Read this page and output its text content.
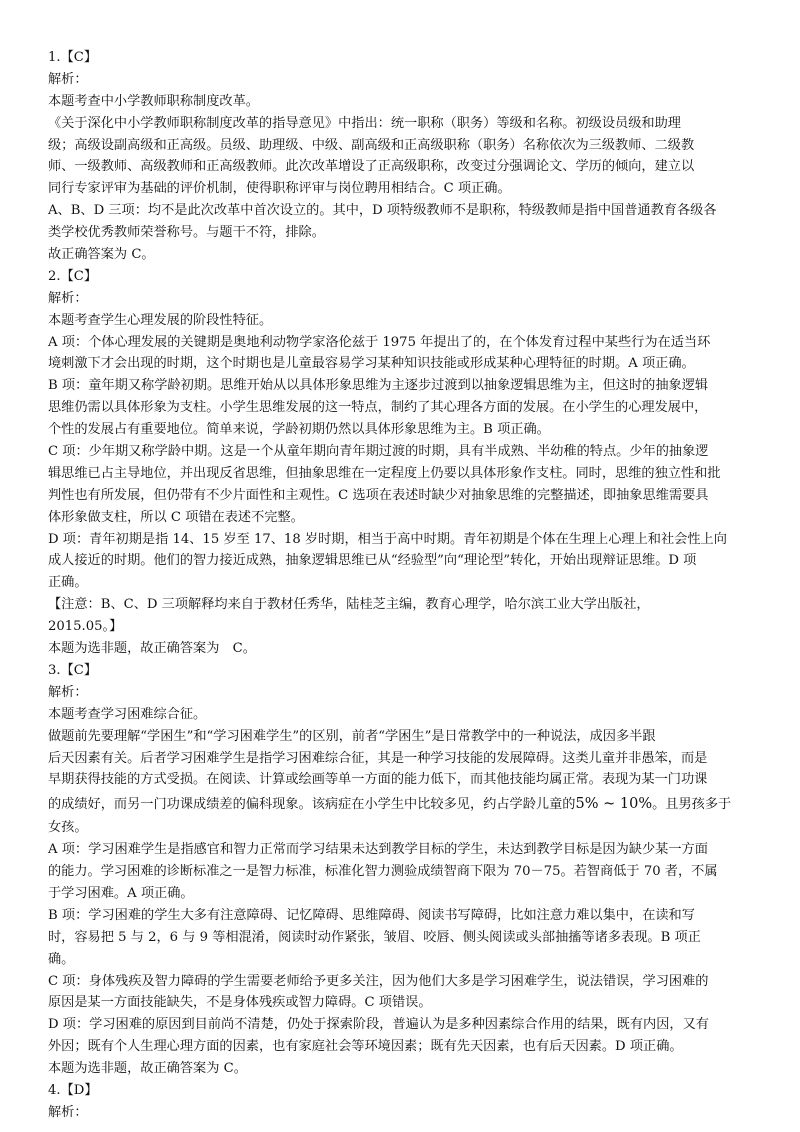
1.【C】
解析：
本题考查中小学教师职称制度改革。
《关于深化中小学教师职称制度改革的指导意见》中指出：统一职称（职务）等级和名称。初级设员级和助理
级；高级设副高级和正高级。员级、助理级、中级、副高级和正高级职称（职务）名称依次为三级教师、二级教
师、一级教师、高级教师和正高级教师。此次改革增设了正高级职称，改变过分强调论文、学历的倾向，建立以
同行专家评审为基础的评价机制，使得职称评审与岗位聘用相结合。C 项正确。
A、B、D 三项：均不是此次改革中首次设立的。其中，D 项特级教师不是职称，特级教师是指中国普通教育各级各
类学校优秀教师荣誉称号。与题干不符，排除。
故正确答案为 C。
2.【C】
解析：
本题考查学生心理发展的阶段性特征。
A 项：个体心理发展的关键期是奥地利动物学家洛伦兹于 1975 年提出了的，在个体发育过程中某些行为在适当环
境刺激下才会出现的时期，这个时期也是儿童最容易学习某种知识技能或形成某种心理特征的时期。A 项正确。
B 项：童年期又称学龄初期。思维开始从以具体形象思维为主逐步过渡到以抽象逻辑思维为主，但这时的抽象逻辑
思维仍需以具体形象为支柱。小学生思维发展的这一特点，制约了其心理各方面的发展。在小学生的心理发展中，
个性的发展占有重要地位。简单来说，学龄初期仍然以具体形象思维为主。B 项正确。
C 项：少年期又称学龄中期。这是一个从童年期向青年期过渡的时期，具有半成熟、半幼稚的特点。少年的抽象逻
辑思维已占主导地位，并出现反省思维，但抽象思维在一定程度上仍要以具体形象作支柱。同时，思维的独立性和批
判性也有所发展，但仍带有不少片面性和主观性。C 选项在表述时缺少对抽象思维的完整描述，即抽象思维需要具
体形象做支柱，所以 C 项错在表述不完整。
D 项：青年初期是指 14、15 岁至 17、18 岁时期，相当于高中时期。青年初期是个体在生理上心理上和社会性上向
成人接近的时期。他们的智力接近成熟，抽象逻辑思维已从“经验型”向“理论型”转化，开始出现辩证思维。D 项
正确。
【注意：B、C、D 三项解释均来自于教材任秀华，陆桂芝主编，教育心理学，哈尔滨工业大学出版社，
2015.05。】
本题为选非题，故正确答案为　C。
3.【C】
解析：
本题考查学习困难综合征。
做题前先要理解“学困生”和“学习困难学生”的区别，前者“学困生”是日常教学中的一种说法，成因多半跟
后天因素有关。后者学习困难学生是指学习困难综合征，其是一种学习技能的发展障碍。这类儿童并非愚笨，而是
早期获得技能的方式受损。在阅读、计算或绘画等单一方面的能力低下，而其他技能均属正常。表现为某一门功课
的成绩好，而另一门功课成绩差的偏科现象。该病症在小学生中比较多见，约占学龄儿童的5% ~ 10%。且男孩多于
女孩。
A 项：学习困难学生是指感官和智力正常而学习结果未达到教学目标的学生，未达到教学目标是因为缺少某一方面
的能力。学习困难的诊断标准之一是智力标准，标准化智力测验成绩智商下限为 70－75。若智商低于 70 者，不属
于学习困难。A 项正确。
B 项：学习困难的学生大多有注意障碍、记忆障碍、思维障碍、阅读书写障碍，比如注意力难以集中，在读和写
时，容易把 5 与 2，6 与 9 等相混淆，阅读时动作紧张，皱眉、咬唇、侧头阅读或头部抽搐等诸多表现。B 项正
确。
C 项：身体残疾及智力障碍的学生需要老师给予更多关注，因为他们大多是学习困难学生，说法错误，学习困难的
原因是某一方面技能缺失，不是身体残疾或智力障碍。C 项错误。
D 项：学习困难的原因到目前尚不清楚，仍处于探索阶段，普遍认为是多种因素综合作用的结果，既有内因，又有
外因；既有个人生理心理方面的因素，也有家庭社会等环境因素；既有先天因素，也有后天因素。D 项正确。
本题为选非题，故正确答案为 C。
4.【D】
解析：
